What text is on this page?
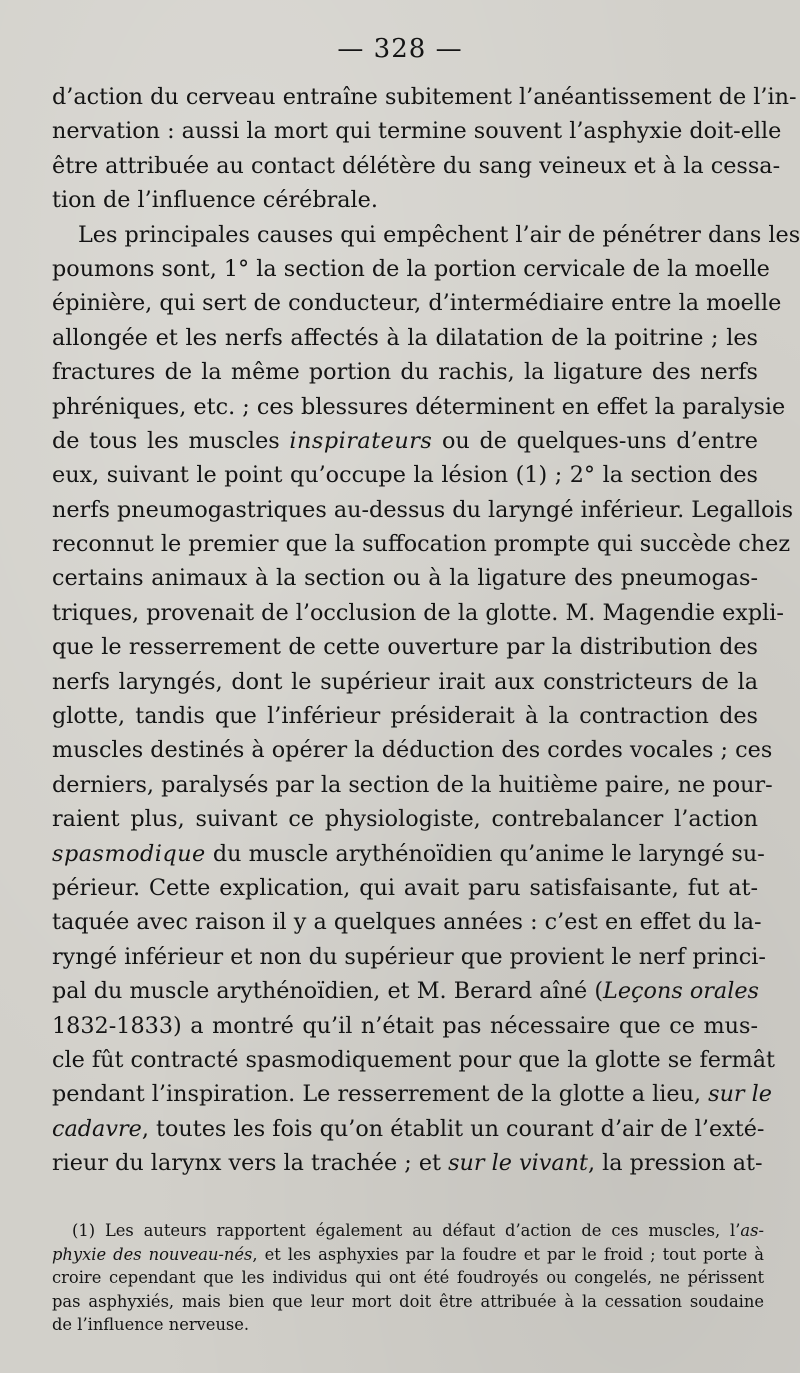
— 328 —
d’action du cerveau entraîne subitement l’anéantissement de l’in-
nervation : aussi la mort qui termine souvent l’asphyxie doit-elle
être attribuée au contact délétère du sang veineux et à la cessa-
tion de l’influence cérébrale.
Les principales causes qui empêchent l’air de pénétrer dans les
poumons sont, 1° la section de la portion cervicale de la moelle
épinière, qui sert de conducteur, d’intermédiaire entre la moelle
allongée et les nerfs affectés à la dilatation de la poitrine ; les
fractures de la même portion du rachis, la ligature des nerfs
phréniques, etc. ; ces blessures déterminent en effet la paralysie
de tous les muscles inspirateurs ou de quelques-uns d’entre
eux, suivant le point qu’occupe la lésion (1) ; 2° la section des
nerfs pneumogastriques au-dessus du laryngé inférieur. Legallois
reconnut le premier que la suffocation prompte qui succède chez
certains animaux à la section ou à la ligature des pneumogas-
triques, provenait de l’occlusion de la glotte. M. Magendie expli-
que le resserrement de cette ouverture par la distribution des
nerfs laryngés, dont le supérieur irait aux constricteurs de la
glotte, tandis que l’inférieur présiderait à la contraction des
muscles destinés à opérer la déduction des cordes vocales ; ces
derniers, paralysés par la section de la huitième paire, ne pour-
raient plus, suivant ce physiologiste, contrebalancer l’action
spasmodique du muscle arythénoïdien qu’anime le laryngé su-
périeur. Cette explication, qui avait paru satisfaisante, fut at-
taquée avec raison il y a quelques années : c’est en effet du la-
ryngé inférieur et non du supérieur que provient le nerf princi-
pal du muscle arythénoïdien, et M. Berard aîné (Leçons orales
1832-1833) a montré qu’il n’était pas nécessaire que ce mus-
cle fût contracté spasmodiquement pour que la glotte se fermât
pendant l’inspiration. Le resserrement de la glotte a lieu, sur le
cadavre, toutes les fois qu’on établit un courant d’air de l’exté-
rieur du larynx vers la trachée ; et sur le vivant, la pression at-
(1) Les auteurs rapportent également au défaut d’action de ces muscles, l’as-
phyxie des nouveau-nés, et les asphyxies par la foudre et par le froid ; tout porte à
croire cependant que les individus qui ont été foudroyés ou congelés, ne périssent
pas asphyxiés, mais bien que leur mort doit être attribuée à la cessation soudaine
de l’influence nerveuse.
